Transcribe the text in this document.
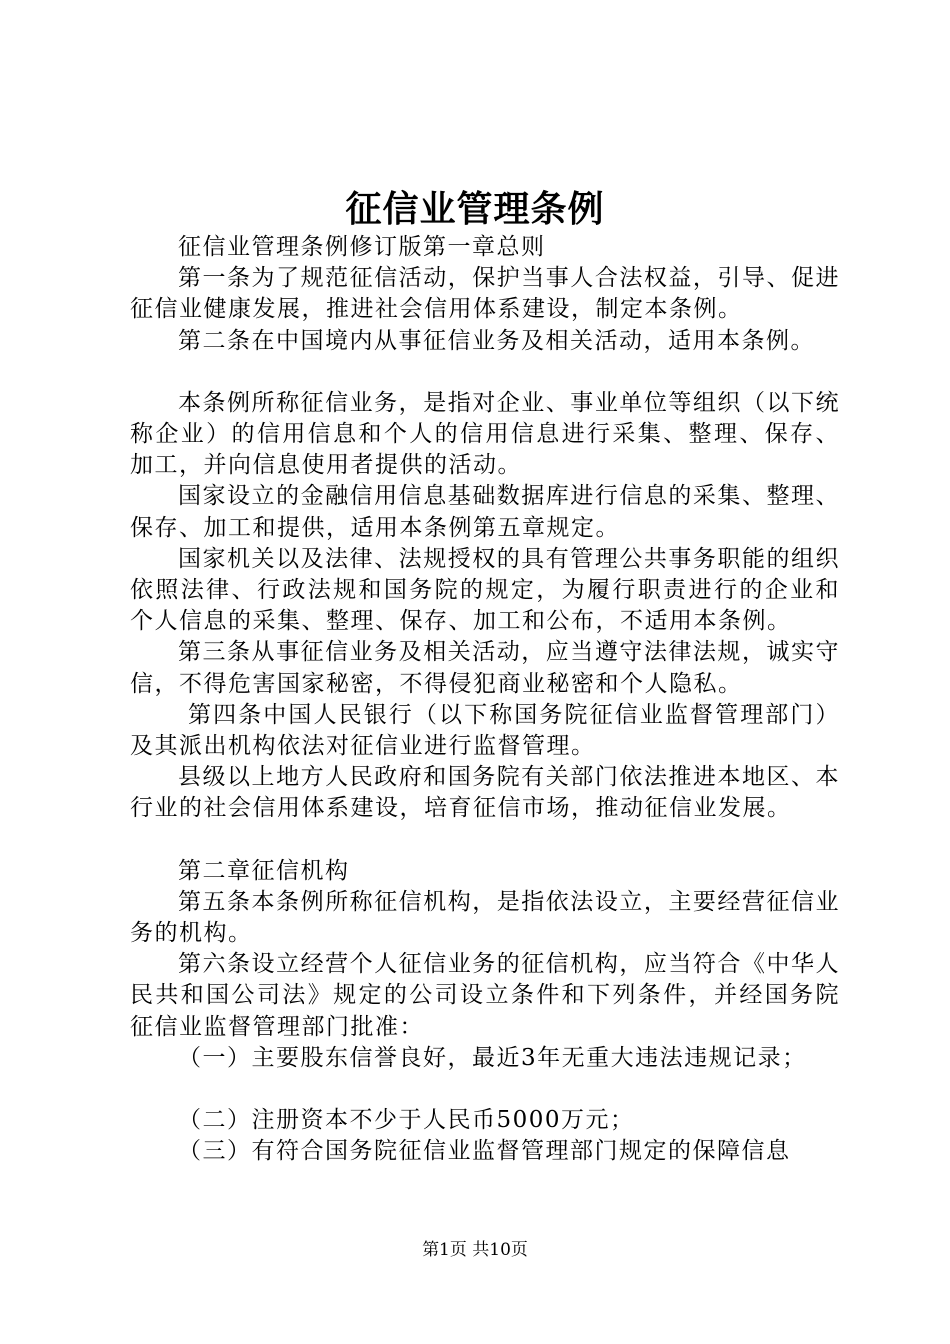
征信业管理条例

征信业管理条例修订版第一章总则

第一条为了规范征信活动，保护当事人合法权益，引导、促进征信业健康发展，推进社会信用体系建设，制定本条例。

第二条在中国境内从事征信业务及相关活动，适用本条例。

本条例所称征信业务，是指对企业、事业单位等组织（以下统称企业）的信用信息和个人的信用信息进行采集、整理、保存、加工，并向信息使用者提供的活动。

国家设立的金融信用信息基础数据库进行信息的采集、整理、保存、加工和提供，适用本条例第五章规定。

国家机关以及法律、法规授权的具有管理公共事务职能的组织依照法律、行政法规和国务院的规定，为履行职责进行的企业和个人信息的采集、整理、保存、加工和公布，不适用本条例。

第三条从事征信业务及相关活动，应当遵守法律法规，诚实守信，不得危害国家秘密，不得侵犯商业秘密和个人隐私。

第四条中国人民银行（以下称国务院征信业监督管理部门）及其派出机构依法对征信业进行监督管理。

县级以上地方人民政府和国务院有关部门依法推进本地区、本行业的社会信用体系建设，培育征信市场，推动征信业发展。

第二章征信机构

第五条本条例所称征信机构，是指依法设立，主要经营征信业务的机构。

第六条设立经营个人征信业务的征信机构，应当符合《中华人民共和国公司法》规定的公司设立条件和下列条件，并经国务院征信业监督管理部门批准：

（一）主要股东信誉良好，最近3年无重大违法违规记录；

（二）注册资本不少于人民币5000万元；

（三）有符合国务院征信业监督管理部门规定的保障信息

第1页 共10页
